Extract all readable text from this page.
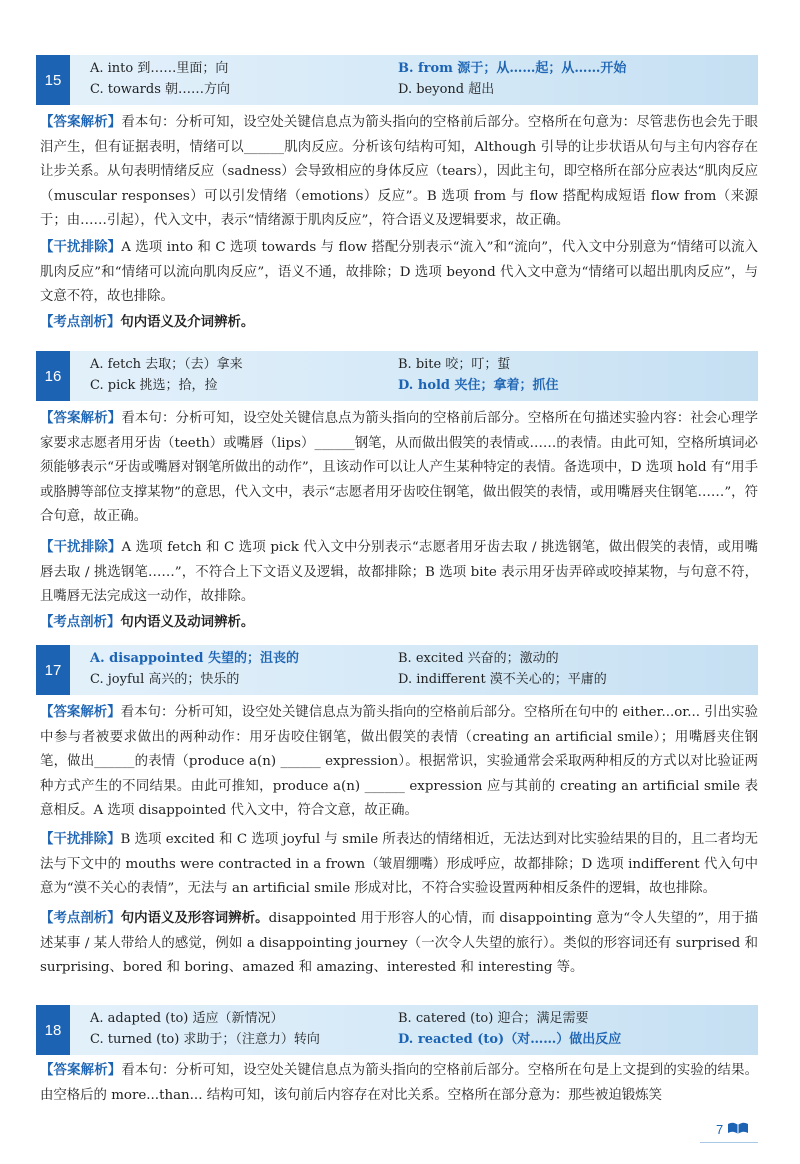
15
A. into 到……里面；向	B. from 源于；从……起；从……开始
C. towards 朝……方向	D. beyond 超出
【答案解析】看本句：分析可知，设空处关键信息点为箭头指向的空格前后部分。空格所在句意为：尽管悲伤也会先于眼泪产生，但有证据表明，情绪可以______肌肉反应。分析该句结构可知，Although 引导的让步状语从句与主句内容存在让步关系。从句表明情绪反应（sadness）会导致相应的身体反应（tears），因此主句，即空格所在部分应表达“肌肉反应（muscular responses）可以引发情绪（emotions）反应”。B 选项 from 与 flow 搭配构成短语 flow from（来源于；由……引起），代入文中，表示“情绪源于肌肉反应”，符合语义及逻辑要求，故正确。
【干扰排除】A 选项 into 和 C 选项 towards 与 flow 搭配分别表示“流入”和“流向”，代入文中分别意为“情绪可以流入肌肉反应”和“情绪可以流向肌肉反应”，语义不通，故排除；D 选项 beyond 代入文中意为“情绪可以超出肌肉反应”，与文意不符，故也排除。
【考点剖析】句内语义及介词辨析。
16
A. fetch 去取；（去）拿来	B. bite 咬；叮；蜇
C. pick 挑选；拾，捡	D. hold 夹住；拿着；抓住
【答案解析】看本句：分析可知，设空处关键信息点为箭头指向的空格前后部分。空格所在句描述实验内容：社会心理学家要求志愿者用牙齿（teeth）或嘴唇（lips）______钢笔，从而做出假笑的表情或……的表情。由此可知，空格所填词必须能够表示“牙齿或嘴唇对钢笔所做出的动作”，且该动作可以让人产生某种特定的表情。备选项中，D 选项 hold 有“用手或胳膊等部位支撑某物”的意思，代入文中，表示“志愿者用牙齿咬住钢笔，做出假笑的表情，或用嘴唇夹住钢笔……”，符合句意，故正确。
【干扰排除】A 选项 fetch 和 C 选项 pick 代入文中分别表示“志愿者用牙齿去取 / 挑选钢笔，做出假笑的表情，或用嘴唇去取 / 挑选钢笔……”，不符合上下文语义及逻辑，故都排除；B 选项 bite 表示用牙齿弄碎或咬掉某物，与句意不符，且嘴唇无法完成这一动作，故排除。
【考点剖析】句内语义及动词辨析。
17
A. disappointed 失望的；沮丧的	B. excited 兴奋的；激动的
C. joyful 高兴的；快乐的	D. indifferent 漠不关心的；平庸的
【答案解析】看本句：分析可知，设空处关键信息点为箭头指向的空格前后部分。空格所在句中的 either...or... 引出实验中参与者被要求做出的两种动作：用牙齿咬住钢笔，做出假笑的表情（creating an artificial smile）；用嘴唇夹住钢笔，做出______的表情（produce a(n) ______ expression）。根据常识，实验通常会采取两种相反的方式以对比验证两种方式产生的不同结果。由此可推知，produce a(n) ______ expression 应与其前的 creating an artificial smile 表意相反。A 选项 disappointed 代入文中，符合文意，故正确。
【干扰排除】B 选项 excited 和 C 选项 joyful 与 smile 所表达的情绪相近，无法达到对比实验结果的目的，且二者均无法与下文中的 mouths were contracted in a frown（皱眉绷嘴）形成呼应，故都排除；D 选项 indifferent 代入句中意为“漠不关心的表情”，无法与 an artificial smile 形成对比，不符合实验设置两种相反条件的逻辑，故也排除。
【考点剖析】句内语义及形容词辨析。disappointed 用于形容人的心情，而 disappointing 意为“令人失望的”，用于描述某事 / 某人带给人的感觉，例如 a disappointing journey（一次令人失望的旅行）。类似的形容词还有 surprised 和 surprising、bored 和 boring、amazed 和 amazing、interested 和 interesting 等。
18
A. adapted (to) 适应（新情况）	B. catered (to) 迎合；满足需要
C. turned (to) 求助于；（注意力）转向	D. reacted (to)（对……）做出反应
【答案解析】看本句：分析可知，设空处关键信息点为箭头指向的空格前后部分。空格所在句是上文提到的实验的结果。由空格后的 more...than... 结构可知，该句前后内容存在对比关系。空格所在部分意为：那些被迫锻炼笑
7
